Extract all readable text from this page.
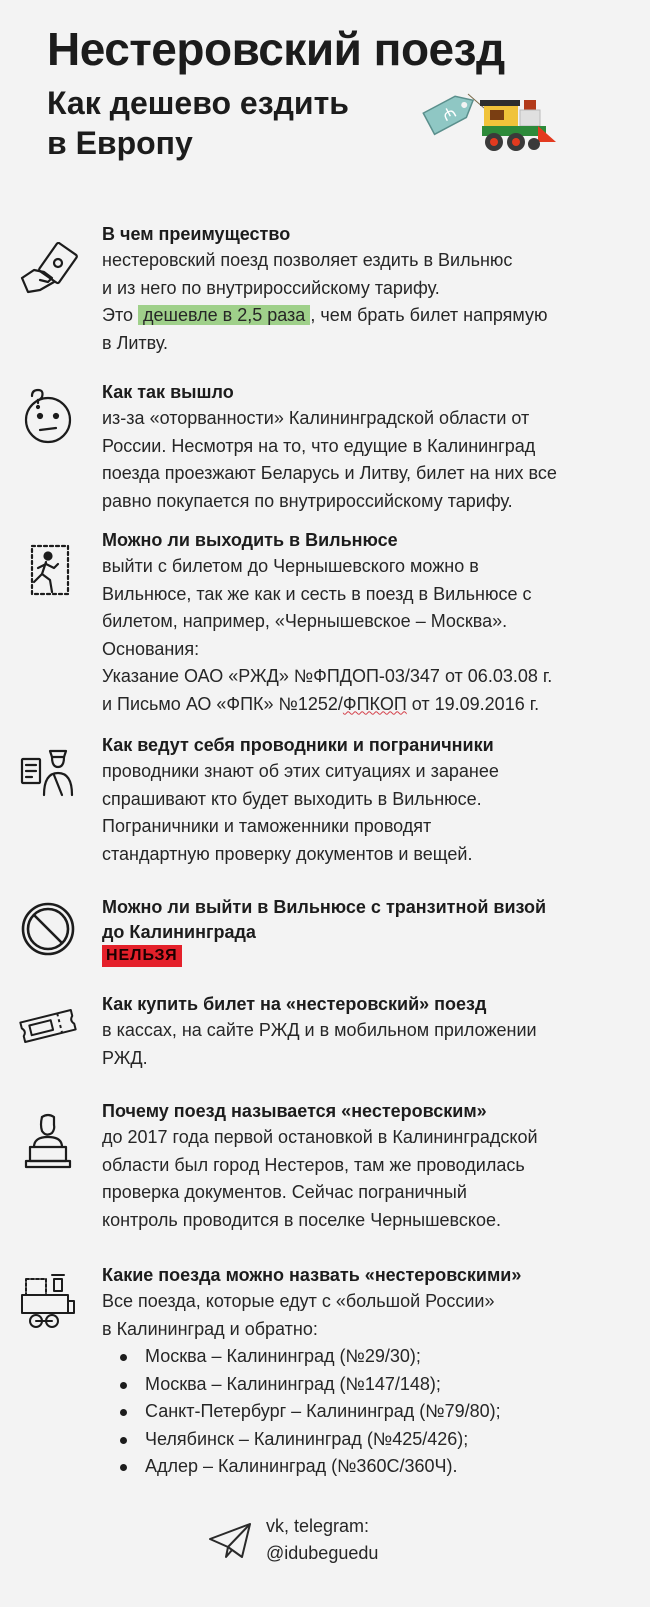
Нестеровский поезд
Как дешево ездить
в Европу
₼
В чем преимущество

нестеровский поезд позволяет ездить в Вильнюс

и из него по внутрироссийскому тарифу.

Это дешевле в 2,5 раза , чем брать билет напрямую

в Литву.

Как так вышло

из-за «оторванности» Калининградской области от

России. Несмотря на то, что едущие в Калининград

поезда проезжают Беларусь и Литву, билет на них все

равно покупается по внутрироссийскому тарифу.

Можно ли выходить в Вильнюсе

выйти с билетом до Чернышевского можно в

Вильнюсе, так же как и сесть в поезд в Вильнюсе с

билетом, например, «Чернышевское – Москва».

Основания:

Указание ОАО «РЖД» №ФПДОП-03/347 от 06.03.08 г.

и Письмо АО «ФПК» №1252/ФПКОП от 19.09.2016 г.

Как ведут себя проводники и пограничники

проводники знают об этих ситуациях и заранее

спрашивают кто будет выходить в Вильнюсе.

Пограничники и таможенники проводят

стандартную проверку документов и вещей.

Можно ли выйти в Вильнюсе с транзитной визой
до Калининграда
НЕЛЬЗЯ
Как купить билет на «нестеровский» поезд

в кассах, на сайте РЖД и в мобильном приложении

РЖД.

Почему поезд называется «нестеровским»

до 2017 года первой остановкой в Калининградской

области был город Нестеров, там же проводилась

проверка документов. Сейчас пограничный

контроль проводится в поселке Чернышевское.

Какие поезда можно назвать «нестеровскими»

Все поезда, которые едут с «большой России»

в Калининград и обратно:

Москва – Калининград (№29/30);
Москва – Калининград (№147/148);
Санкт-Петербург – Калининград (№79/80);
Челябинск – Калининград (№425/426);
Адлер – Калининград (№360С/360Ч).
vk, telegram:
@idubeguedu
